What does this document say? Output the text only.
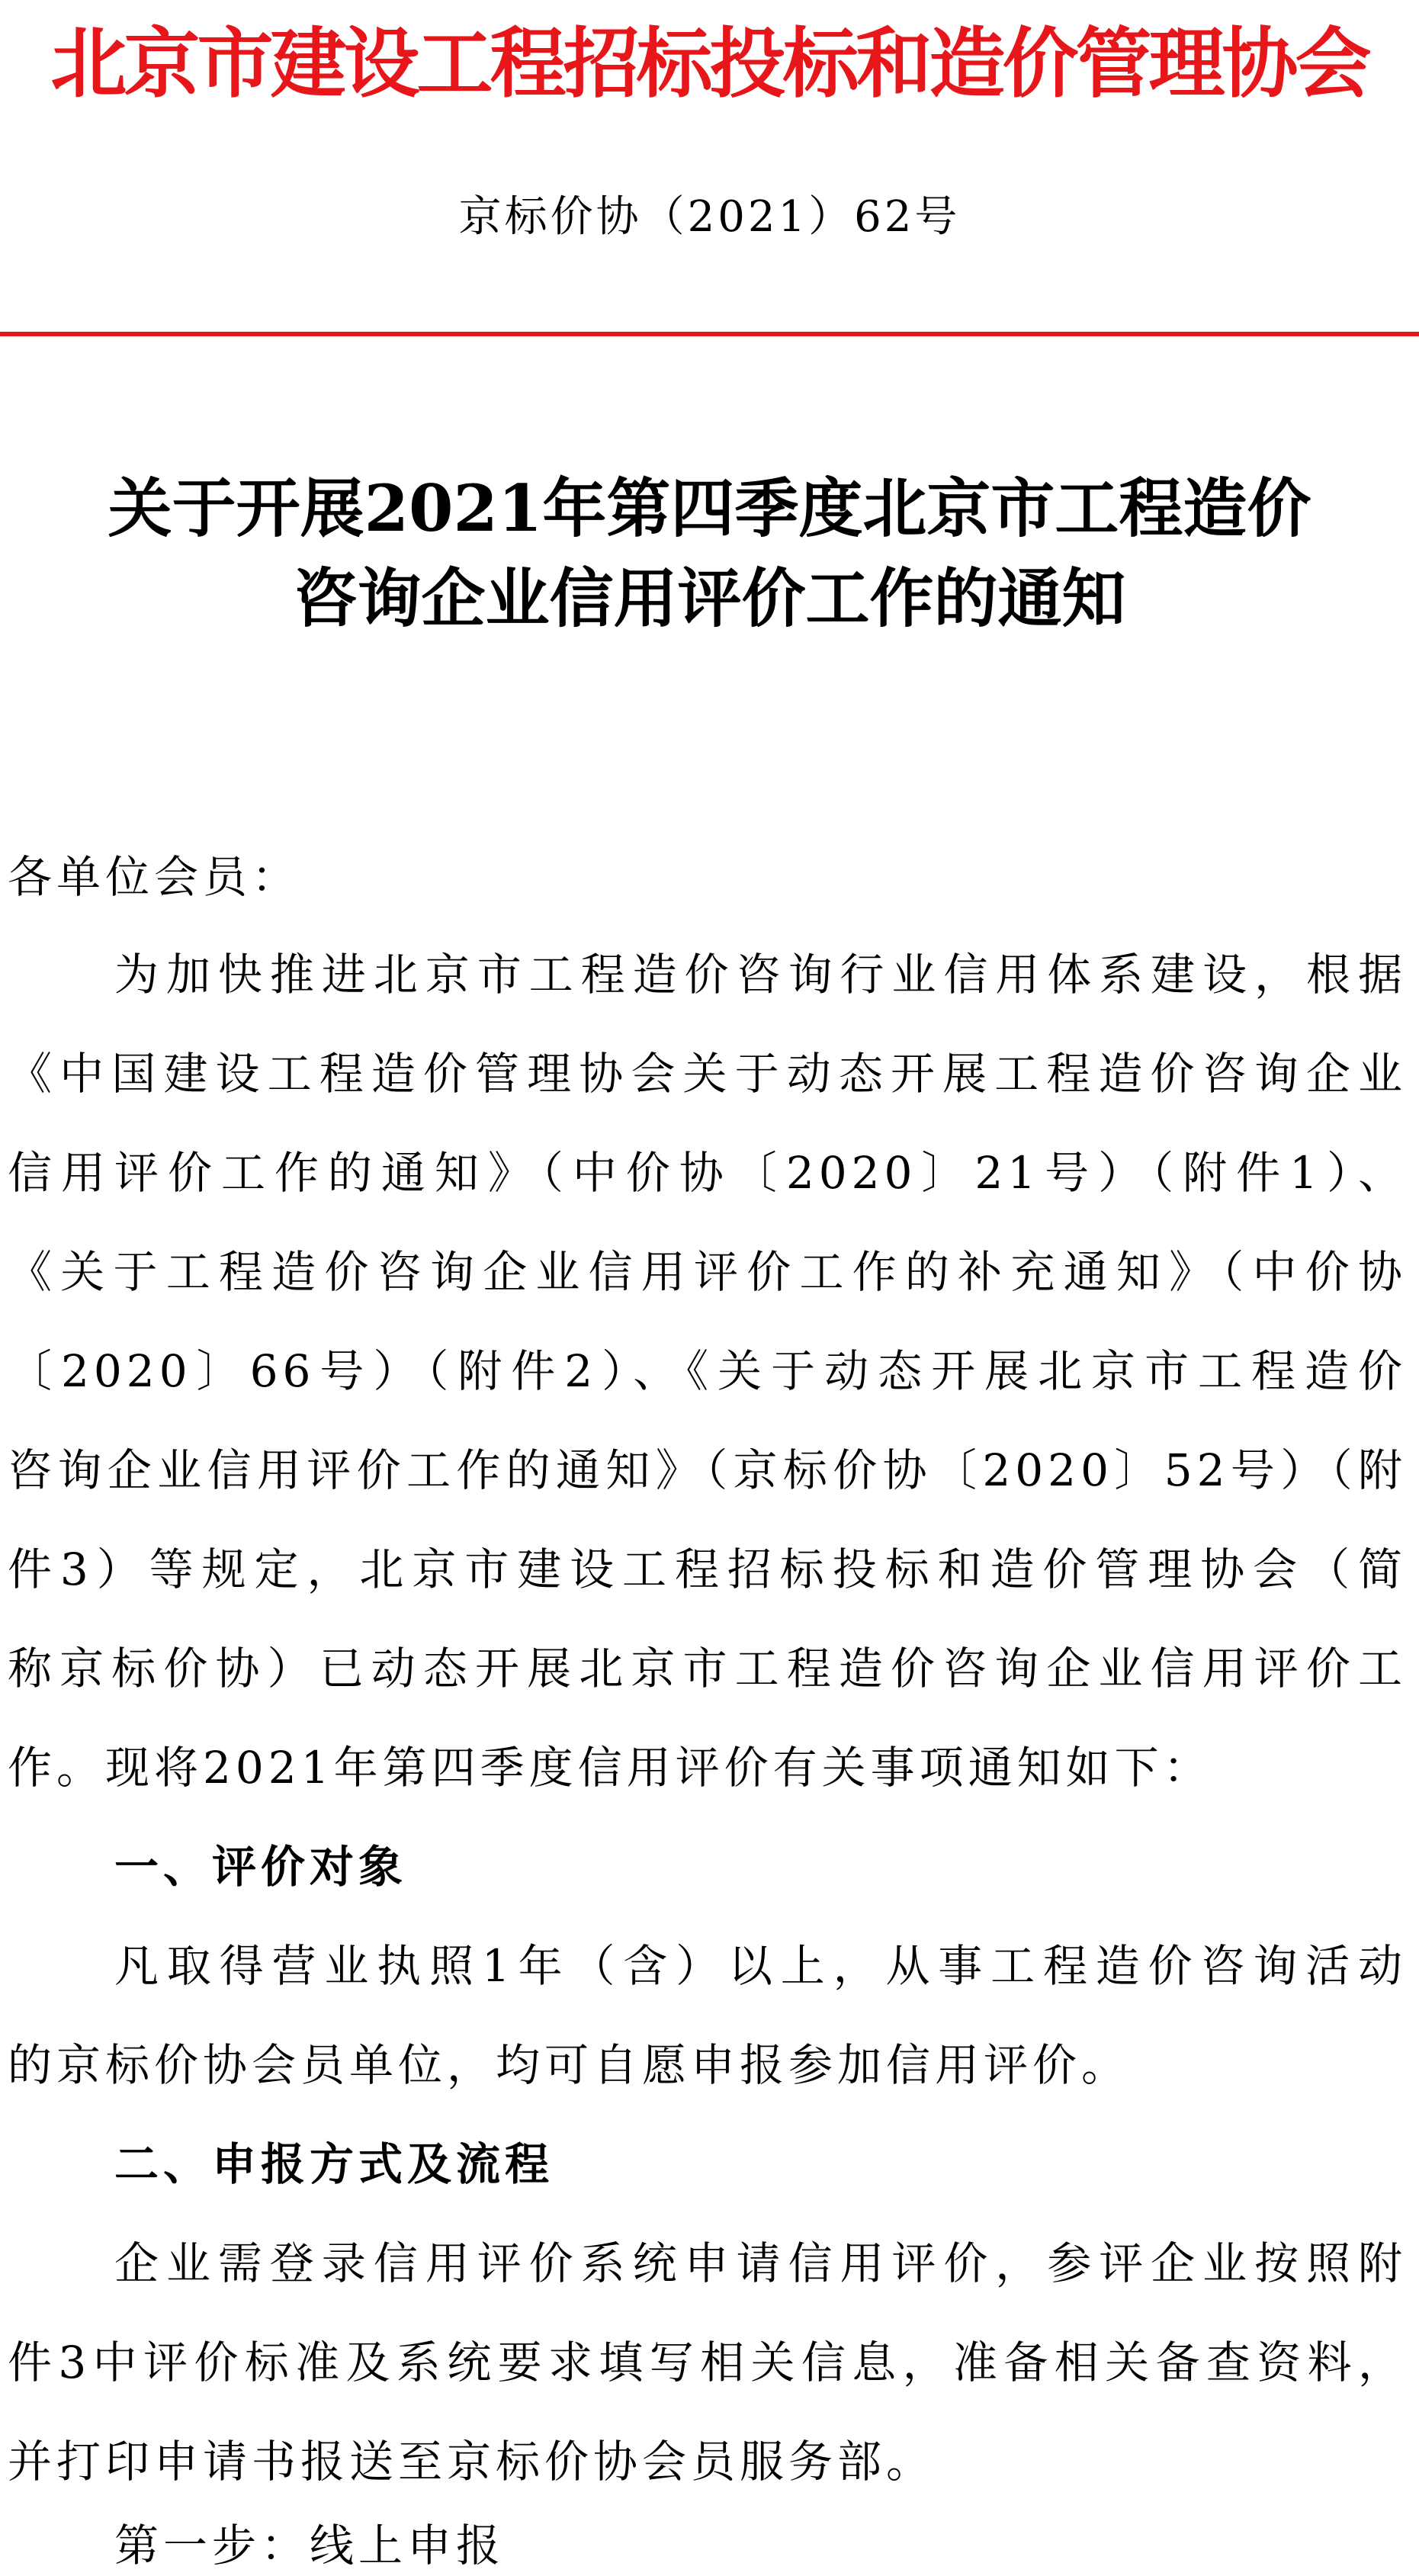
北京市建设工程招标投标和造价管理协会
京标价协（2021）62号
关于开展2021年第四季度北京市工程造价
咨询企业信用评价工作的通知
各单位会员：
为加快推进北京市工程造价咨询行业信用体系建设，根据
《中国建设工程造价管理协会关于动态开展工程造价咨询企业
信用评价工作的通知》（中价协〔2020〕21号）（附件1）、
《关于工程造价咨询企业信用评价工作的补充通知》（中价协
〔2020〕66号）（附件2）、《关于动态开展北京市工程造价
咨询企业信用评价工作的通知》（京标价协〔2020〕52号）（附
件3）等规定，北京市建设工程招标投标和造价管理协会（简
称京标价协）已动态开展北京市工程造价咨询企业信用评价工
作。现将2021年第四季度信用评价有关事项通知如下：
一、评价对象
凡取得营业执照1年（含）以上，从事工程造价咨询活动
的京标价协会员单位，均可自愿申报参加信用评价。
二、申报方式及流程
企业需登录信用评价系统申请信用评价，参评企业按照附
件3中评价标准及系统要求填写相关信息，准备相关备查资料，
并打印申请书报送至京标价协会员服务部。
第一步：线上申报
